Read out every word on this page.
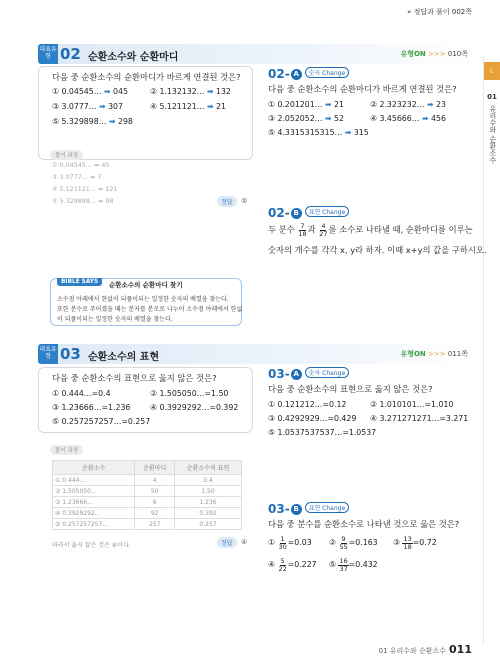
» 정답과 풀이 002쪽
Ⅰ.
01
유리수와 순환소수
대표유형 02 순환소수와 순환마디	유형ON >>> 010쪽
다음 중 순환소수의 순환마디가 바르게 연결된 것은?
① 0.04545… ➡ 045	② 1.132132… ➡ 132
③ 3.0777… ➡ 307	④ 5.121121… ➡ 21
⑤ 5.329898… ➡ 298
풀이 과정
① 0.04545… ➡ 45
③ 3.0777… ➡ 7
④ 5.121121… ➡ 121
⑤ 5.329898… ➡ 98	정답	②
BIBLE SAYS	순환소수의 순환마디 찾기
소수점 아래에서 한없이 되풀이되는 일정한 숫자의 배열을 찾는다.
또한 분수로 주어졌을 때는 분자를 분모로 나누어 소수점 아래에서 한없
이 되풀이되는 일정한 숫자의 배열을 찾는다.
02- A 숫자 Change
다음 중 순환소수의 순환마디가 바르게 연결된 것은?
① 0.201201… ➡ 21	② 2.323232… ➡ 23
③ 2.052052… ➡ 52	④ 3.45666… ➡ 456
⑤ 4.3315315315… ➡ 315
02- B 표현 Change
두 분수 $\frac{7}{18}$ 과 $\frac{4}{27}$ 를 소수로 나타낼 때, 순환마디를 이루는
숫자의 개수를 각각 x, y라 하자. 이때 x+y의 값을 구하시오.
대표유형 03 순환소수의 표현	유형ON >>> 011쪽
다음 중 순환소수의 표현으로 옳지 않은 것은?
① 0.444…=0.4̇	② 1.505050…=1.5̇0̇
③ 1.23666…=1.236̇	④ 0.3929292…=0.3̇92̇
⑤ 0.257257257…=0.2̇57̇
풀이 과정
순환소수	순환마디	순환소수의 표현
① 0.444…	4	0.4̇
② 1.505050…	50	1.5̇0̇
③ 1.23666…	6	1.236̇
④ 0.3929292…	92	0.39̇2̇
⑤ 0.257257257…	257	0.2̇57̇
따라서 옳지 않은 것은 ④이다.	정답	④
03- A 숫자 Change
다음 중 순환소수의 표현으로 옳지 않은 것은?
① 0.121212…=0.1̇2̇	② 1.010101…=1.0̇1̇0
③ 0.4292929…=0.42̇9̇ ④ 3.271271271…=3.2̇71̇
⑤ 1.0537537537…=1.05̇37̇
03- B 표현 Change
다음 중 분수를 순환소수로 나타낸 것으로 옳은 것은?
① $\frac{1}{30}$ =0.03̇ ② $\frac{9}{55}$ =0.16̇3̇ ③ $\frac{13}{18}$ =0.7̇2̇
④ $\frac{5}{22}$ =0.22̇7̇ ⑤ $\frac{16}{37}$ =0.4̇32̇
01 유리수와 순환소수 011
